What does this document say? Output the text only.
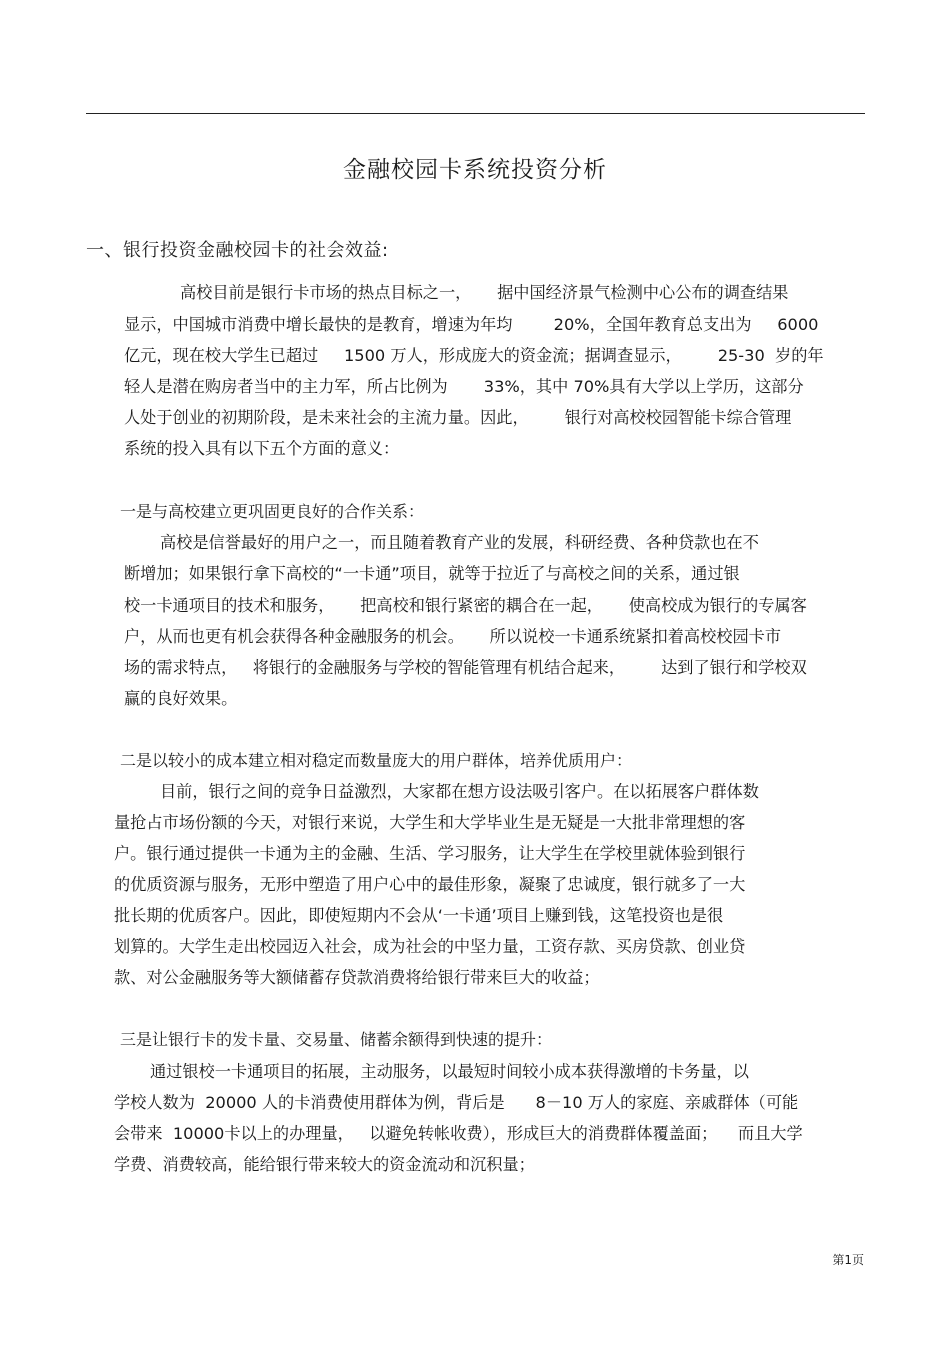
金融校园卡系统投资分析
一、银行投资金融校园卡的社会效益:
高校目前是银行卡市场的热点目标之一，     据中国经济景气检测中心公布的调查结果
显示，中国城市消费中增长最快的是教育，增速为年均        20%，全国年教育总支出为     6000
亿元，现在校大学生已超过     1500 万人，形成庞大的资金流；据调查显示，       25-30  岁的年
轻人是潜在购房者当中的主力军，所占比例为       33%，其中 70%具有大学以上学历，这部分
人处于创业的初期阶段，是未来社会的主流力量。因此，       银行对高校校园智能卡综合管理
系统的投入具有以下五个方面的意义：
一是与高校建立更巩固更良好的合作关系：
高校是信誉最好的用户之一，而且随着教育产业的发展，科研经费、各种贷款也在不
断增加；如果银行拿下高校的“一卡通”项目，就等于拉近了与高校之间的关系，通过银
校一卡通项目的技术和服务，     把高校和银行紧密的耦合在一起，     使高校成为银行的专属客
户，从而也更有机会获得各种金融服务的机会。     所以说校一卡通系统紧扣着高校校园卡市
场的需求特点，   将银行的金融服务与学校的智能管理有机结合起来，       达到了银行和学校双
赢的良好效果。
二是以较小的成本建立相对稳定而数量庞大的用户群体，培养优质用户：
目前，银行之间的竞争日益激烈，大家都在想方设法吸引客户。在以拓展客户群体数
量抢占市场份额的今天，对银行来说，大学生和大学毕业生是无疑是一大批非常理想的客
户。银行通过提供一卡通为主的金融、生活、学习服务，让大学生在学校里就体验到银行
的优质资源与服务，无形中塑造了用户心中的最佳形象，凝聚了忠诚度，银行就多了一大
批长期的优质客户。因此，即使短期内不会从‘一卡通’项目上赚到钱，这笔投资也是很
划算的。大学生走出校园迈入社会，成为社会的中坚力量，工资存款、买房贷款、创业贷
款、对公金融服务等大额储蓄存贷款消费将给银行带来巨大的收益；
三是让银行卡的发卡量、交易量、储蓄余额得到快速的提升：
通过银校一卡通项目的拓展，主动服务，以最短时间较小成本获得激增的卡务量，以
学校人数为  20000 人的卡消费使用群体为例，背后是      8－10 万人的家庭、亲戚群体（可能
会带来  10000卡以上的办理量，   以避免转帐收费），形成巨大的消费群体覆盖面；    而且大学
学费、消费较高，能给银行带来较大的资金流动和沉积量；
第1页
